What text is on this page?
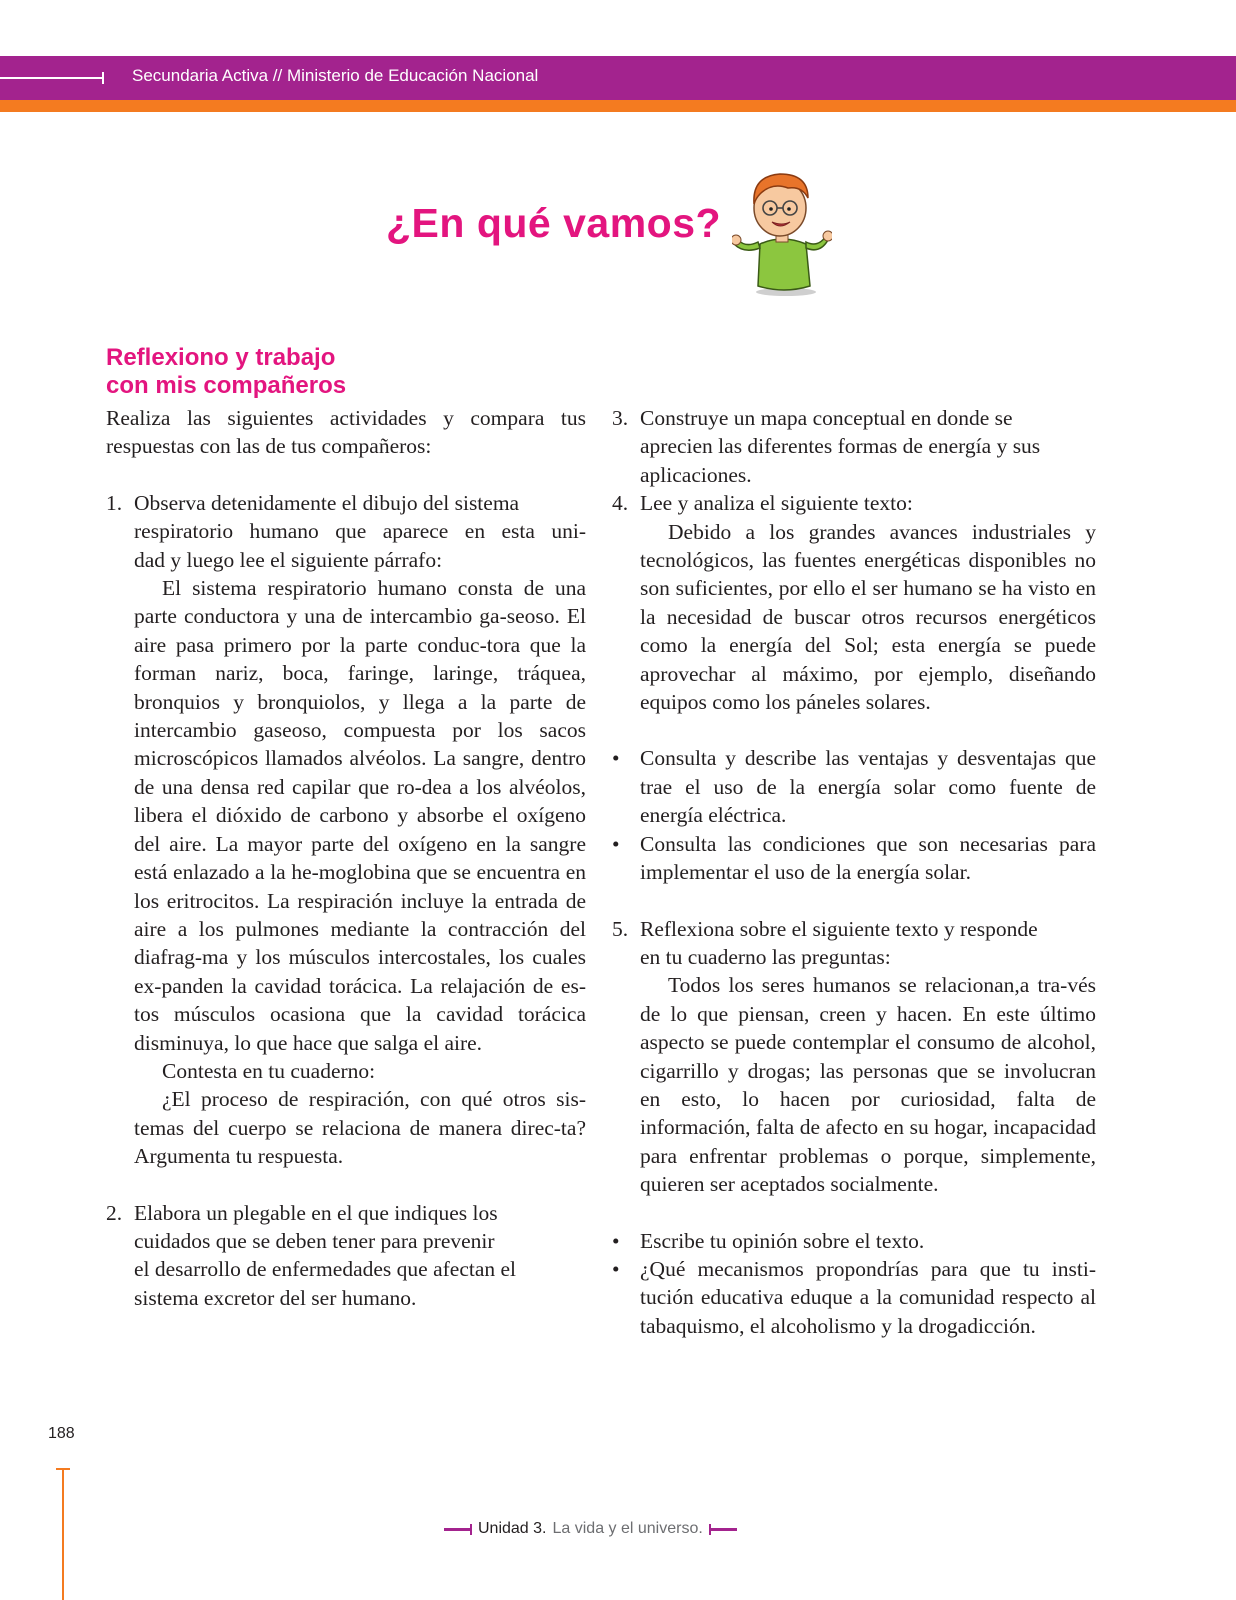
Secundaria Activa // Ministerio de Educación Nacional
¿En qué vamos?
Reflexiono y trabajo
con mis compañeros

Realiza las siguientes actividades y compara tus
respuestas con las de tus compañeros:

1. Observa detenidamente el dibujo del sistema
respiratorio humano que aparece en esta uni-
dad y luego lee el siguiente párrafo:

El sistema respiratorio humano consta de una parte conductora y una de intercambio ga-seoso. El aire pasa primero por la parte conduc-tora que la forman nariz, boca, faringe, laringe, tráquea, bronquios y bronquiolos, y llega a la parte de intercambio gaseoso, compuesta por los sacos microscópicos llamados alvéolos. La sangre, dentro de una densa red capilar que ro-dea a los alvéolos, libera el dióxido de carbono y absorbe el oxígeno del aire. La mayor parte del oxígeno en la sangre está enlazado a la he-moglobina que se encuentra en los eritrocitos. La respiración incluye la entrada de aire a los pulmones mediante la contracción del diafrag-ma y los músculos intercostales, los cuales ex-panden la cavidad torácica. La relajación de es-tos músculos ocasiona que la cavidad torácica disminuya, lo que hace que salga el aire.

Contesta en tu cuaderno:

¿El proceso de respiración, con qué otros sis-temas del cuerpo se relaciona de manera direc-ta? Argumenta tu respuesta.

2. Elabora un plegable en el que indiques los
cuidados que se deben tener para prevenir
el desarrollo de enfermedades que afectan el
sistema excretor del ser humano.
3. Construye un mapa conceptual en donde se
aprecien las diferentes formas de energía y sus
aplicaciones.
4. Lee y analiza el siguiente texto:

Debido a los grandes avances industriales y tecnológicos, las fuentes energéticas disponibles no son suficientes, por ello el ser humano se ha visto en la necesidad de buscar otros recursos energéticos como la energía del Sol; esta energía se puede aprovechar al máximo, por ejemplo, diseñando equipos como los páneles solares.

• Consulta y describe las ventajas y desventajas que trae el uso de la energía solar como fuente de energía eléctrica.
• Consulta las condiciones que son necesarias para implementar el uso de la energía solar.
5. Reflexiona sobre el siguiente texto y responde
en tu cuaderno las preguntas:

Todos los seres humanos se relacionan,a tra-vés de lo que piensan, creen y hacen. En este último aspecto se puede contemplar el consumo de alcohol, cigarrillo y drogas; las personas que se involucran en esto, lo hacen por curiosidad, falta de información, falta de afecto en su hogar, incapacidad para enfrentar problemas o porque, simplemente, quieren ser aceptados socialmente.

• Escribe tu opinión sobre el texto.
• ¿Qué mecanismos propondrías para que tu insti-tución educativa eduque a la comunidad respecto al tabaquismo, el alcoholismo y la drogadicción.
188
Unidad 3. La vida y el universo.
